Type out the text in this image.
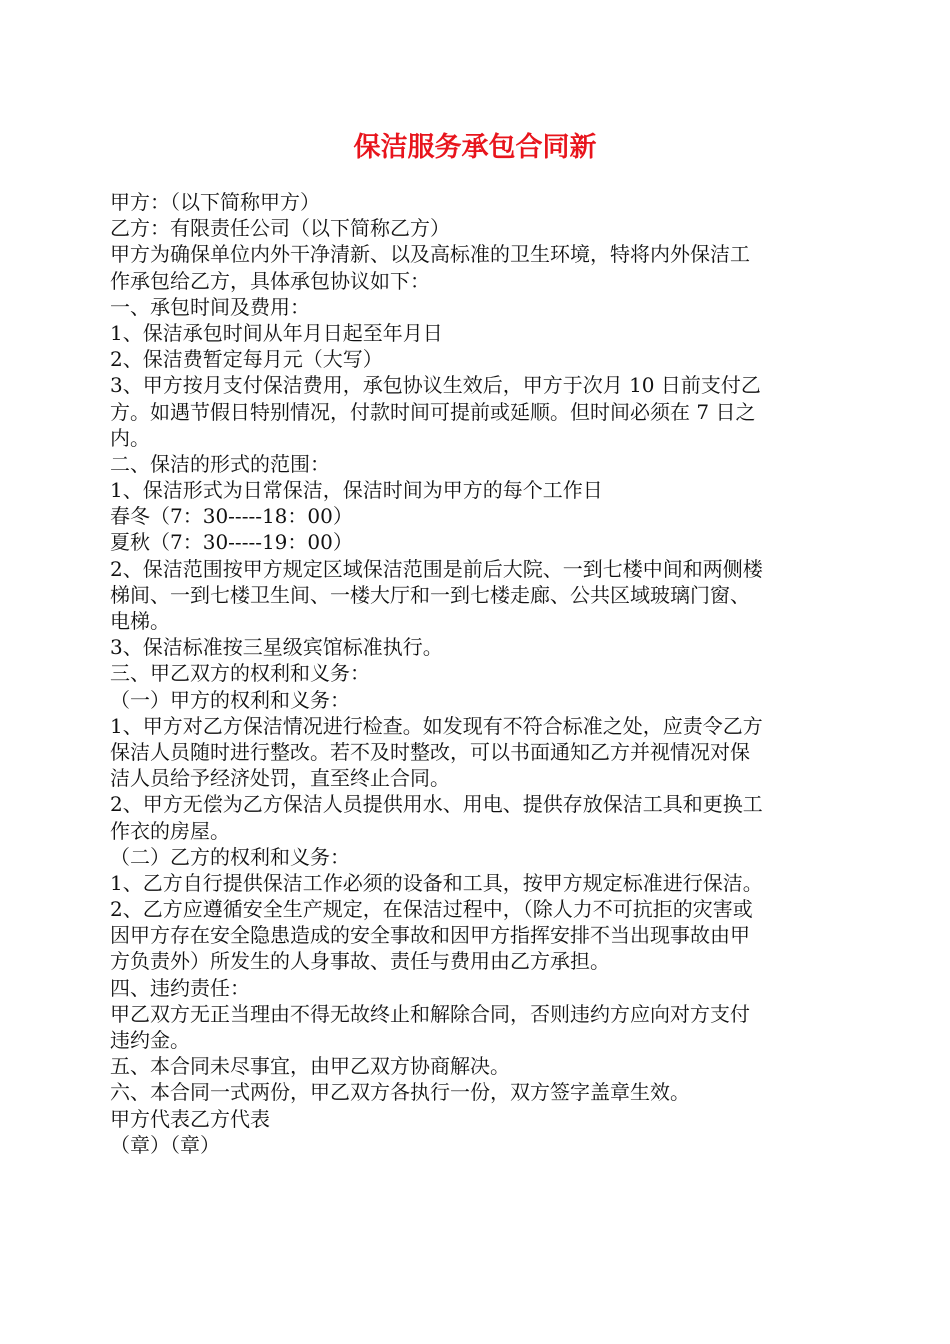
保洁服务承包合同新
甲方：（以下简称甲方）
乙方：有限责任公司（以下简称乙方）
甲方为确保单位内外干净清新、以及高标准的卫生环境，特将内外保洁工
作承包给乙方，具体承包协议如下：
一、承包时间及费用：
1、保洁承包时间从年月日起至年月日
2、保洁费暂定每月元（大写）
3、甲方按月支付保洁费用，承包协议生效后，甲方于次月 10 日前支付乙
方。如遇节假日特别情况，付款时间可提前或延顺。但时间必须在 7 日之
内。
二、保洁的形式的范围：
1、保洁形式为日常保洁，保洁时间为甲方的每个工作日
春冬（7：30-----18：00）
夏秋（7：30-----19：00）
2、保洁范围按甲方规定区域保洁范围是前后大院、一到七楼中间和两侧楼
梯间、一到七楼卫生间、一楼大厅和一到七楼走廊、公共区域玻璃门窗、
电梯。
3、保洁标准按三星级宾馆标准执行。
三、甲乙双方的权利和义务：
（一）甲方的权利和义务：
1、甲方对乙方保洁情况进行检查。如发现有不符合标准之处，应责令乙方
保洁人员随时进行整改。若不及时整改，可以书面通知乙方并视情况对保
洁人员给予经济处罚，直至终止合同。
2、甲方无偿为乙方保洁人员提供用水、用电、提供存放保洁工具和更换工
作衣的房屋。
（二）乙方的权利和义务：
1、乙方自行提供保洁工作必须的设备和工具，按甲方规定标准进行保洁。
2、乙方应遵循安全生产规定，在保洁过程中，（除人力不可抗拒的灾害或
因甲方存在安全隐患造成的安全事故和因甲方指挥安排不当出现事故由甲
方负责外）所发生的人身事故、责任与费用由乙方承担。
四、违约责任：
甲乙双方无正当理由不得无故终止和解除合同，否则违约方应向对方支付
违约金。
五、本合同未尽事宜，由甲乙双方协商解决。
六、本合同一式两份，甲乙双方各执行一份，双方签字盖章生效。
甲方代表乙方代表
（章）（章）
